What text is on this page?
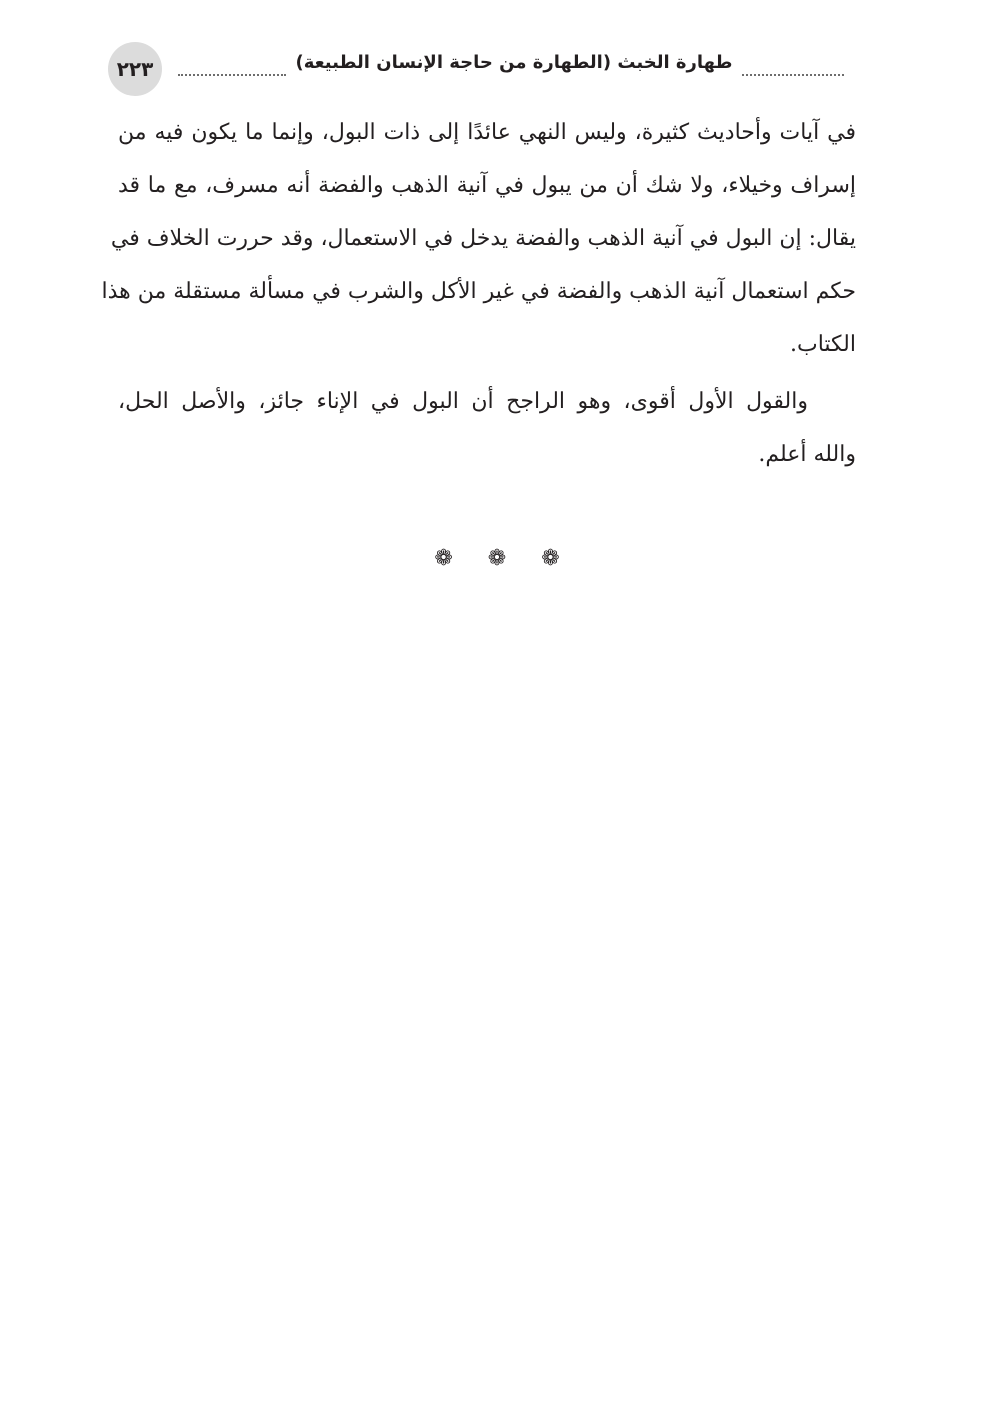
٢٢٣	طهارة الخبث (الطهارة من حاجة الإنسان الطبيعة)
في آيات وأحاديث كثيرة، وليس النهي عائدًا إلى ذات البول، وإنما ما يكون فيه من
إسراف وخيلاء، ولا شك أن من يبول في آنية الذهب والفضة أنه مسرف، مع ما قد
يقال: إن البول في آنية الذهب والفضة يدخل في الاستعمال، وقد حررت الخلاف في
حكم استعمال آنية الذهب والفضة في غير الأكل والشرب في مسألة مستقلة من هذا
الكتاب.
والقول الأول أقوى، وهو الراجح أن البول في الإناء جائز، والأصل الحل،
والله أعلم.
❁ ❁ ❁
